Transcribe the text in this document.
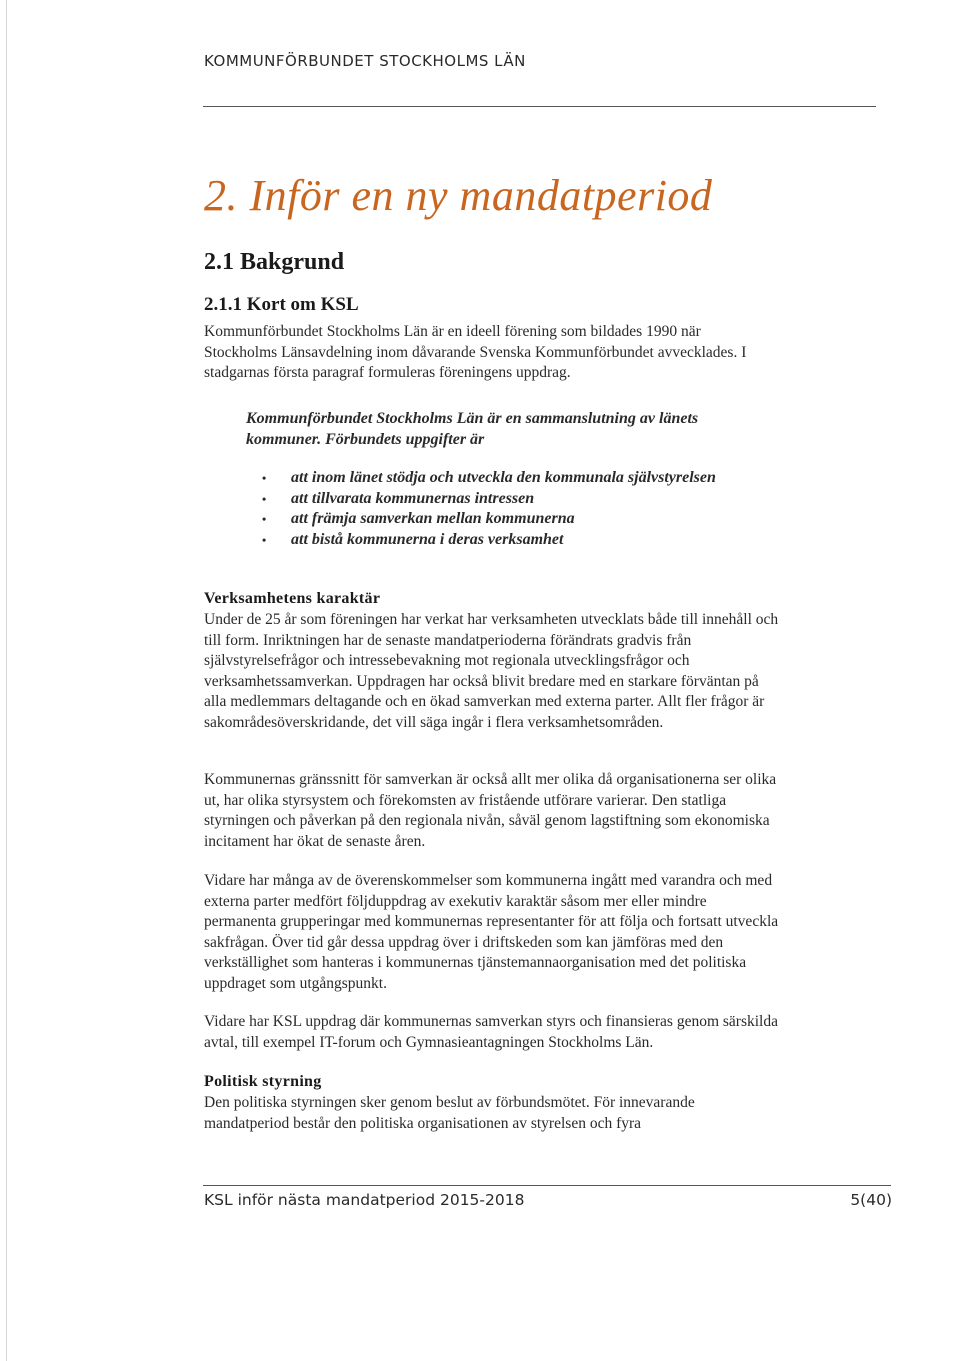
KOMMUNFÖRBUNDET STOCKHOLMS LÄN
2. Inför en ny mandatperiod
2.1 Bakgrund
2.1.1 Kort om KSL
Kommunförbundet Stockholms Län är en ideell förening som bildades 1990 när Stockholms Länsavdelning inom dåvarande Svenska Kommunförbundet avvecklades. I stadgarnas första paragraf formuleras föreningens uppdrag.
Kommunförbundet Stockholms Län är en sammanslutning av länets kommuner. Förbundets uppgifter är
• att inom länet stödja och utveckla den kommunala självstyrelsen
• att tillvarata kommunernas intressen
• att främja samverkan mellan kommunerna
• att bistå kommunerna i deras verksamhet
Verksamhetens karaktär
Under de 25 år som föreningen har verkat har verksamheten utvecklats både till innehåll och till form. Inriktningen har de senaste mandatperioderna förändrats gradvis från självstyrelsefrågor och intressebevakning mot regionala utvecklingsfrågor och verksamhetssamverkan. Uppdragen har också blivit bredare med en starkare förväntan på alla medlemmars deltagande och en ökad samverkan med externa parter. Allt fler frågor är sakområdesöverskridande, det vill säga ingår i flera verksamhetsområden.
Kommunernas gränssnitt för samverkan är också allt mer olika då organisationerna ser olika ut, har olika styrsystem och förekomsten av fristående utförare varierar. Den statliga styrningen och påverkan på den regionala nivån, såväl genom lagstiftning som ekonomiska incitament har ökat de senaste åren.
Vidare har många av de överenskommelser som kommunerna ingått med varandra och med externa parter medfört följduppdrag av exekutiv karaktär såsom mer eller mindre permanenta grupperingar med kommunernas representanter för att följa och fortsatt utveckla sakfrågan. Över tid går dessa uppdrag över i driftskeden som kan jämföras med den verkställighet som hanteras i kommunernas tjänstemannaorganisation med det politiska uppdraget som utgångspunkt.
Vidare har KSL uppdrag där kommunernas samverkan styrs och finansieras genom särskilda avtal, till exempel IT-forum och Gymnasieantagningen Stockholms Län.
Politisk styrning
Den politiska styrningen sker genom beslut av förbundsmötet. För innevarande mandatperiod består den politiska organisationen av styrelsen och fyra
KSL inför nästa mandatperiod 2015-2018	5(40)
